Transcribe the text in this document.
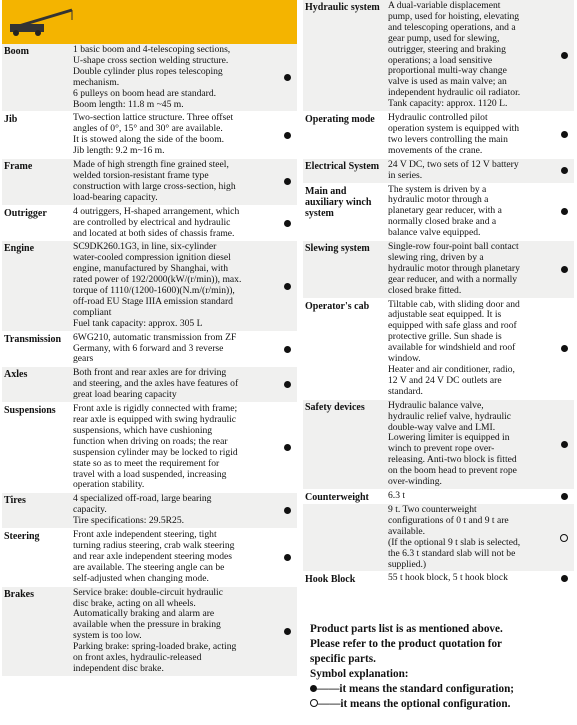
Boom	1 basic boom and 4-telescoping sections,
U-shape cross section welding structure.
Double cylinder plus ropes telescoping
mechanism.
6 pulleys on boom head are standard.
Boom length: 11.8 m ~45 m.
Jib	Two-section lattice structure. Three offset
angles of 0°, 15° and 30° are available.
It is stowed along the side of the boom.
Jib length: 9.2 m~16 m.
Frame	Made of high strength fine grained steel,
welded torsion-resistant frame type
construction with large cross-section, high
load-bearing capacity.
Outrigger	4 outriggers, H-shaped arrangement, which
are controlled by electrical and hydraulic
and located at both sides of chassis frame.
Engine	SC9DK260.1G3, in line, six-cylinder
water-cooled compression ignition diesel
engine, manufactured by Shanghai, with
rated power of 192/2000(kW/(r/min)), max.
torque of 1110/(1200-1600)(N.m/(r/min)),
off-road EU Stage IIIA emission standard
compliant
Fuel tank capacity: approx. 305 L
Transmission	6WG210, automatic transmission from ZF
Germany, with 6 forward and 3 reverse
gears
Axles	Both front and rear axles are for driving
and steering, and the axles have features of
great load bearing capacity
Suspensions	Front axle is rigidly connected with frame;
rear axle is equipped with swing hydraulic
suspensions, which have cushioning
function when driving on roads; the rear
suspension cylinder may be locked to rigid
state so as to meet the requirement for
travel with a load suspended, increasing
operation stability.
Tires	4 specialized off-road, large bearing
capacity.
Tire specifications: 29.5R25.
Steering	Front axle independent steering, tight
turning radius steering, crab walk steering
and rear axle independent steering modes
are available. The steering angle can be
self-adjusted when changing mode.
Brakes	Service brake: double-circuit hydraulic
disc brake, acting on all wheels.
Automatically braking and alarm are
available when the pressure in braking
system is too low.
Parking brake: spring-loaded brake, acting
on front axles, hydraulic-released
independent disc brake.
Hydraulic system A dual-variable displacement
pump, used for hoisting, elevating
and telescoping operations, and a
gear pump, used for slewing,
outrigger, steering and braking
operations; a load sensitive
proportional multi-way change
valve is used as main valve; an
independent hydraulic oil radiator.
Tank capacity: approx. 1120 L.
Operating mode	Hydraulic controlled pilot
operation system is equipped with
two levers controlling the main
movements of the crane.
Electrical System 24 V DC, two sets of 12 V battery
in series.
Main and auxiliary winch system
The system is driven by a
hydraulic motor through a
planetary gear reducer, with a
normally closed brake and a
balance valve equipped.
Slewing system	Single-row four-point ball contact
slewing ring, driven by a
hydraulic motor through planetary
gear reducer, and with a normally
closed brake fitted.
Operator's cab	Tiltable cab, with sliding door and
adjustable seat equipped. It is
equipped with safe glass and roof
protective grille. Sun shade is
available for windshield and roof
window.
Heater and air conditioner, radio,
12 V and 24 V DC outlets are
standard.
Safety devices	Hydraulic balance valve,
hydraulic relief valve, hydraulic
double-way valve and LMI.
Lowering limiter is equipped in
winch to prevent rope over-
releasing. Anti-two block is fitted
on the boom head to prevent rope
over-winding.
Counterweight	6.3 t
9 t. Two counterweight
configurations of 0 t and 9 t are
available.
(If the optional 9 t slab is selected,
the 6.3 t standard slab will not be
supplied.)
Hook Block	55 t hook block, 5 t hook block
Product parts list is as mentioned above.
Please refer to the product quotation for
specific parts.
Symbol explanation:
——it means the standard configuration;
——it means the optional configuration.
